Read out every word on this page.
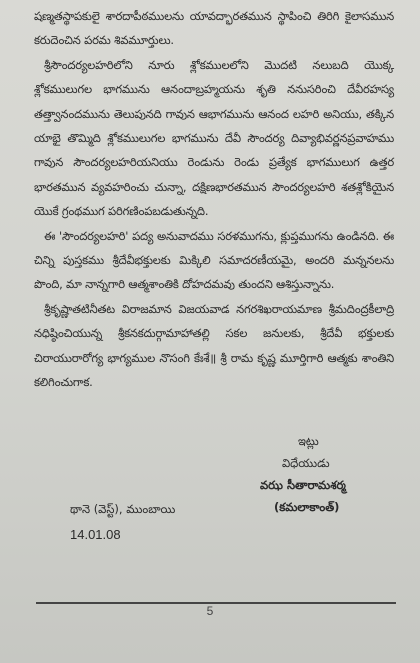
షణ్మతస్థాపకులై శారదాపీఠములను యావద్భారతమున స్థాపించి తిరిగి కైలాసమున కరుదెంచిన పరమ శివమూర్తులు.

శ్రీసౌందర్యలహరిలోని నూరు శ్లోకములలోని మొదటి నలుబది యొక్క శ్లోకములుగల భాగమును ఆనందాబ్రహ్మయను శృతి ననుసరించి దేవీరహస్య తత్త్వానందమును తెలుపునది గావున ఆభాగమును ఆనంద లహరి అనియు, తక్కిన యాభై తొమ్మిది శ్లోకములుగల భాగమును దేవీ సౌందర్య దివ్యాభివర్ణనప్రవాహము గావున సౌందర్యలహరియనియు రెండును రెండు ప్రత్యేక భాగములుగ ఉత్తర భారతమున వ్యవహరించు చున్నా, దక్షిణభారతమున సౌందర్యలహరి శతశ్లోకియైన యొకే గ్రంథముగ పరిగణింపబడుతున్నది.

ఈ 'సౌందర్యలహరి' పద్య అనువాదము సరళముగను, క్లుప్తముగను ఉండినది. ఈ చిన్ని పుస్తకము శ్రీదేవీభక్తులకు మిక్కిలి సమాదరణీయమై, అందరి మన్ననలను పొంది, మా నాన్నగారి ఆత్మశాంతికి దోహదమవు తుందని ఆశిస్తున్నాను.

శ్రీకృష్ణాతటినీతట విరాజమాన విజయవాడ నగరశిఖరాయమాణ శ్రీమదింద్రకీలాద్రి నధిష్ఠించియున్న శ్రీకనకదుర్గామాహాతల్లి సకల జనులకు, శ్రీదేవీ భక్తులకు చిరాయురారోగ్య భాగ్యముల నొసంగి కేఃశే॥ శ్రీ రామ కృష్ణ మూర్తిగారి ఆత్మకు శాంతిని కలిగించుగాక.

ఇట్లు
విధేయుడు
వఝ సీతారామశర్మ
(కమలాకాంత్)
థానె (వెస్ట్), ముంబాయి
14.01.08
5
